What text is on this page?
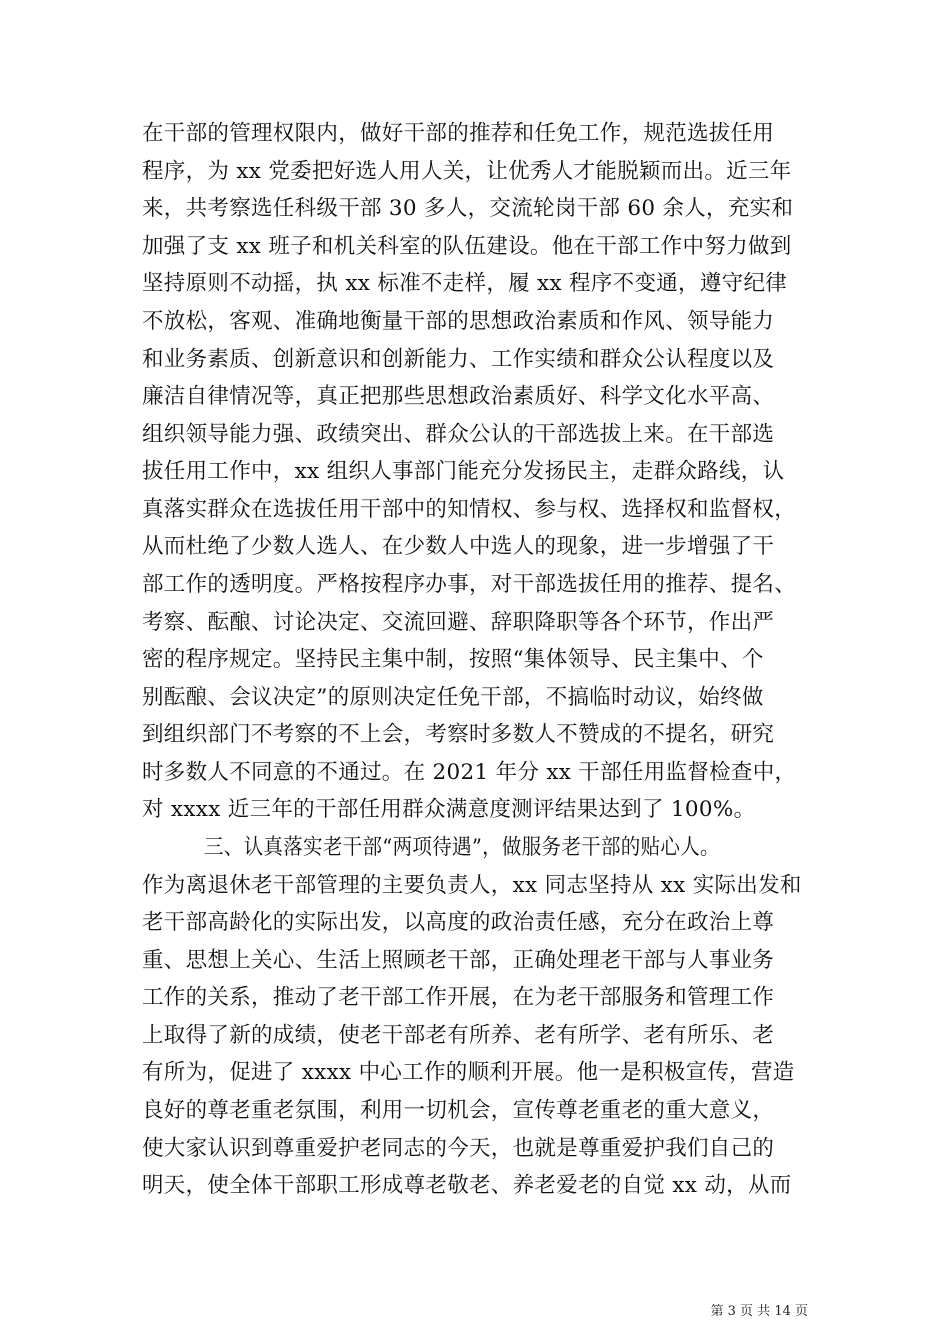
在干部的管理权限内，做好干部的推荐和任免工作，规范选拔任用
程序，为 xx 党委把好选人用人关，让优秀人才能脱颖而出。近三年
来，共考察选任科级干部 30 多人，交流轮岗干部 60 余人，充实和
加强了支 xx 班子和机关科室的队伍建设。他在干部工作中努力做到
坚持原则不动摇，执 xx 标准不走样，履 xx 程序不变通，遵守纪律
不放松，客观、准确地衡量干部的思想政治素质和作风、领导能力
和业务素质、创新意识和创新能力、工作实绩和群众公认程度以及
廉洁自律情况等，真正把那些思想政治素质好、科学文化水平高、
组织领导能力强、政绩突出、群众公认的干部选拔上来。在干部选
拔任用工作中，xx 组织人事部门能充分发扬民主，走群众路线，认
真落实群众在选拔任用干部中的知情权、参与权、选择权和监督权，
从而杜绝了少数人选人、在少数人中选人的现象，进一步增强了干
部工作的透明度。严格按程序办事，对干部选拔任用的推荐、提名、
考察、酝酿、讨论决定、交流回避、辞职降职等各个环节，作出严
密的程序规定。坚持民主集中制，按照“集体领导、民主集中、个
别酝酿、会议决定”的原则决定任免干部，不搞临时动议，始终做
到组织部门不考察的不上会，考察时多数人不赞成的不提名，研究
时多数人不同意的不通过。在 2021 年分 xx 干部任用监督检查中，
对 xxxx 近三年的干部任用群众满意度测评结果达到了 100%。
三、认真落实老干部“两项待遇”，做服务老干部的贴心人。
作为离退休老干部管理的主要负责人，xx 同志坚持从 xx 实际出发和
老干部高龄化的实际出发，以高度的政治责任感，充分在政治上尊
重、思想上关心、生活上照顾老干部，正确处理老干部与人事业务
工作的关系，推动了老干部工作开展，在为老干部服务和管理工作
上取得了新的成绩，使老干部老有所养、老有所学、老有所乐、老
有所为，促进了 xxxx 中心工作的顺利开展。他一是积极宣传，营造
良好的尊老重老氛围，利用一切机会，宣传尊老重老的重大意义，
使大家认识到尊重爱护老同志的今天，也就是尊重爱护我们自己的
明天，使全体干部职工形成尊老敬老、养老爱老的自觉 xx 动，从而
第 3 页 共 14 页
